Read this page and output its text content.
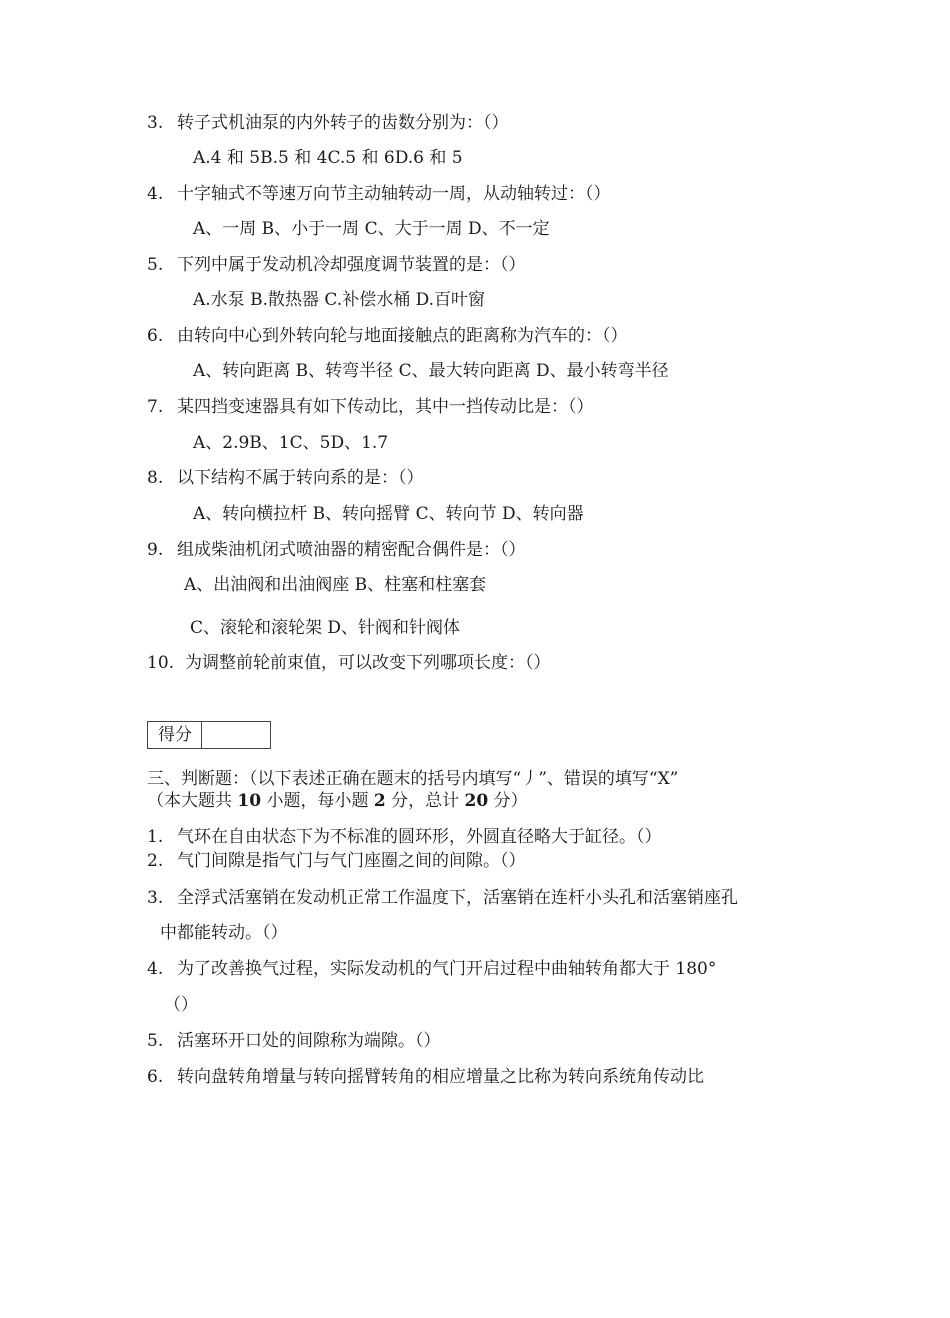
3. 转子式机油泵的内外转子的齿数分别为：（）
A.4 和 5B.5 和 4C.5 和 6D.6 和 5
4. 十字轴式不等速万向节主动轴转动一周，从动轴转过：（）
A、一周 B、小于一周 C、大于一周 D、不一定
5. 下列中属于发动机冷却强度调节装置的是：（）
A.水泵 B.散热器 C.补偿水桶 D.百叶窗
6. 由转向中心到外转向轮与地面接触点的距离称为汽车的：（）
A、转向距离 B、转弯半径 C、最大转向距离 D、最小转弯半径
7. 某四挡变速器具有如下传动比，其中一挡传动比是：（）
A、2.9B、1C、5D、1.7
8. 以下结构不属于转向系的是：（）
A、转向横拉杆 B、转向摇臂 C、转向节 D、转向器
9. 组成柴油机闭式喷油器的精密配合偶件是：（）
A、出油阀和出油阀座 B、柱塞和柱塞套
C、滚轮和滚轮架 D、针阀和针阀体
10. 为调整前轮前束值，可以改变下列哪项长度：（）
得分
三、判断题：（以下表述正确在题末的括号内填写“丿”、错误的填写“X”
（本大题共 10 小题，每小题 2 分，总计 20 分）
1. 气环在自由状态下为不标准的圆环形，外圆直径略大于缸径。（）
2. 气门间隙是指气门与气门座圈之间的间隙。（）
3. 全浮式活塞销在发动机正常工作温度下，活塞销在连杆小头孔和活塞销座孔
中都能转动。（）
4. 为了改善换气过程，实际发动机的气门开启过程中曲轴转角都大于 180°
（）
5. 活塞环开口处的间隙称为端隙。（）
6. 转向盘转角增量与转向摇臂转角的相应增量之比称为转向系统角传动比
